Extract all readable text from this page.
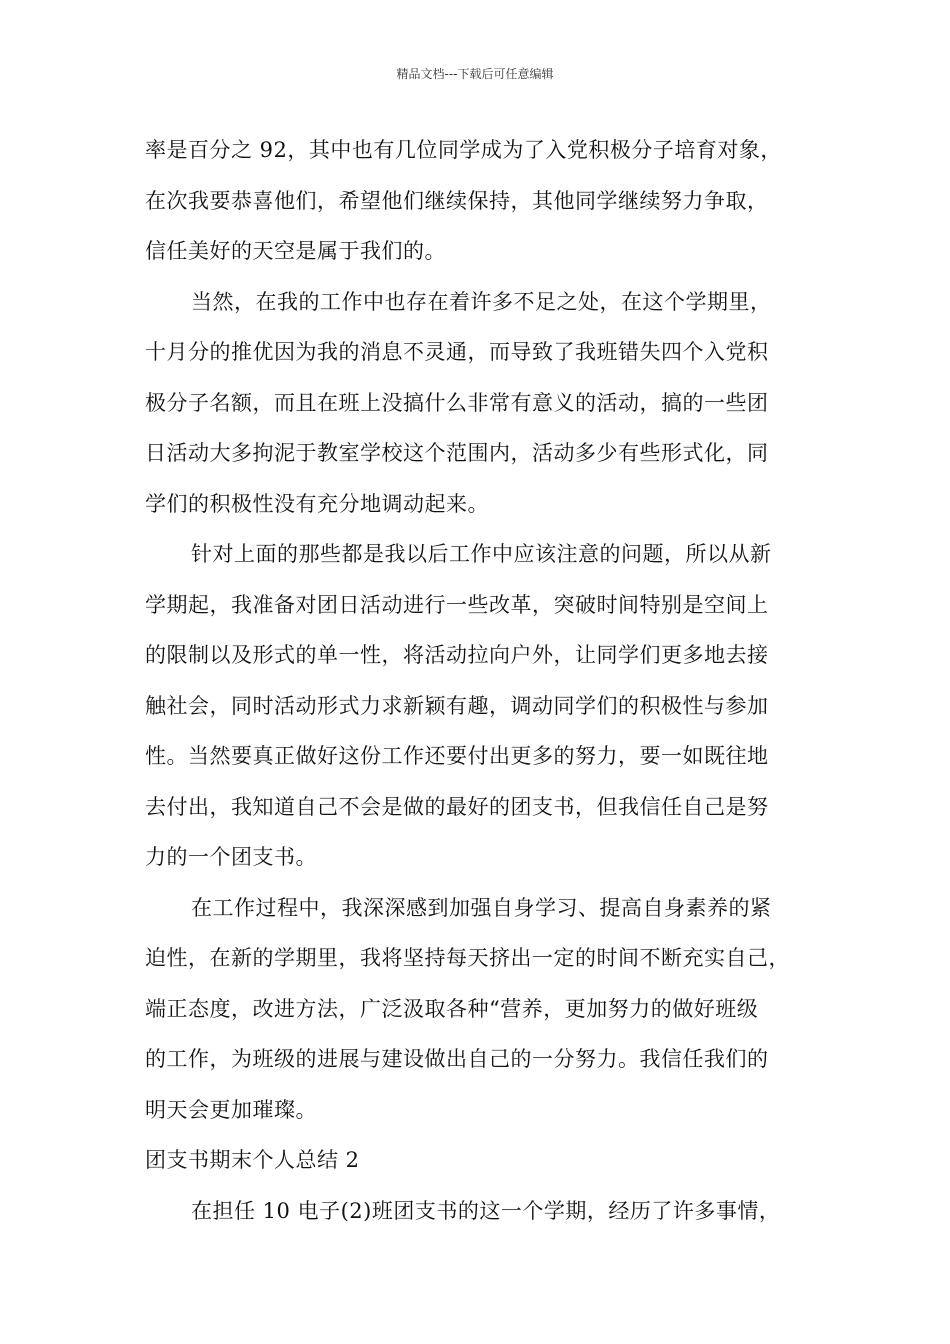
精品文档---下载后可任意编辑
率是百分之 92，其中也有几位同学成为了入党积极分子培育对象，
在次我要恭喜他们，希望他们继续保持，其他同学继续努力争取，
信任美好的天空是属于我们的。
当然，在我的工作中也存在着许多不足之处，在这个学期里，
十月分的推优因为我的消息不灵通，而导致了我班错失四个入党积
极分子名额，而且在班上没搞什么非常有意义的活动，搞的一些团
日活动大多拘泥于教室学校这个范围内，活动多少有些形式化，同
学们的积极性没有充分地调动起来。
针对上面的那些都是我以后工作中应该注意的问题，所以从新
学期起，我准备对团日活动进行一些改革，突破时间特别是空间上
的限制以及形式的单一性，将活动拉向户外，让同学们更多地去接
触社会，同时活动形式力求新颖有趣，调动同学们的积极性与参加
性。当然要真正做好这份工作还要付出更多的努力，要一如既往地
去付出，我知道自己不会是做的最好的团支书，但我信任自己是努
力的一个团支书。
在工作过程中，我深深感到加强自身学习、提高自身素养的紧
迫性，在新的学期里，我将坚持每天挤出一定的时间不断充实自己，
端正态度，改进方法，广泛汲取各种“营养，更加努力的做好班级
的工作，为班级的进展与建设做出自己的一分努力。我信任我们的
明天会更加璀璨。
团支书期末个人总结 2
在担任 10 电子(2)班团支书的这一个学期，经历了许多事情，
